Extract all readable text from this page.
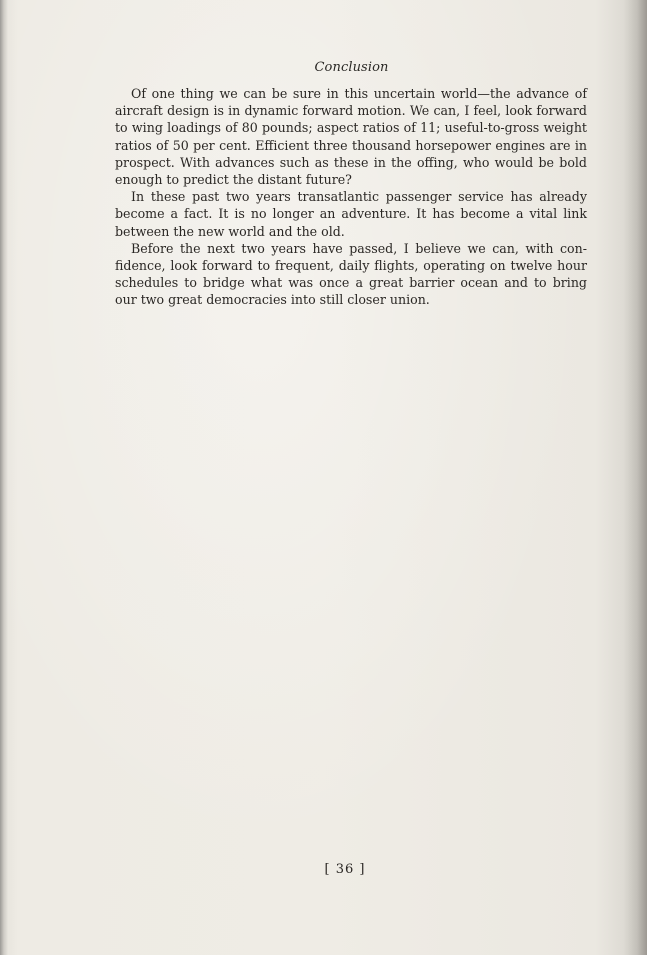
Conclusion

Of one thing we can be sure in this uncertain world—the advance of aircraft design is in dynamic forward motion. We can, I feel, look forward to wing loadings of 80 pounds; aspect ratios of 11; useful-to-gross weight ratios of 50 per cent. Efficient three thousand horsepower engines are in prospect. With advances such as these in the offing, who would be bold enough to predict the distant future?

In these past two years transatlantic passenger service has already become a fact. It is no longer an adventure. It has become a vital link between the new world and the old.

Before the next two years have passed, I believe we can, with confidence, look forward to frequent, daily flights, operating on twelve hour schedules to bridge what was once a great barrier ocean and to bring our two great democracies into still closer union.

[ 36 ]
